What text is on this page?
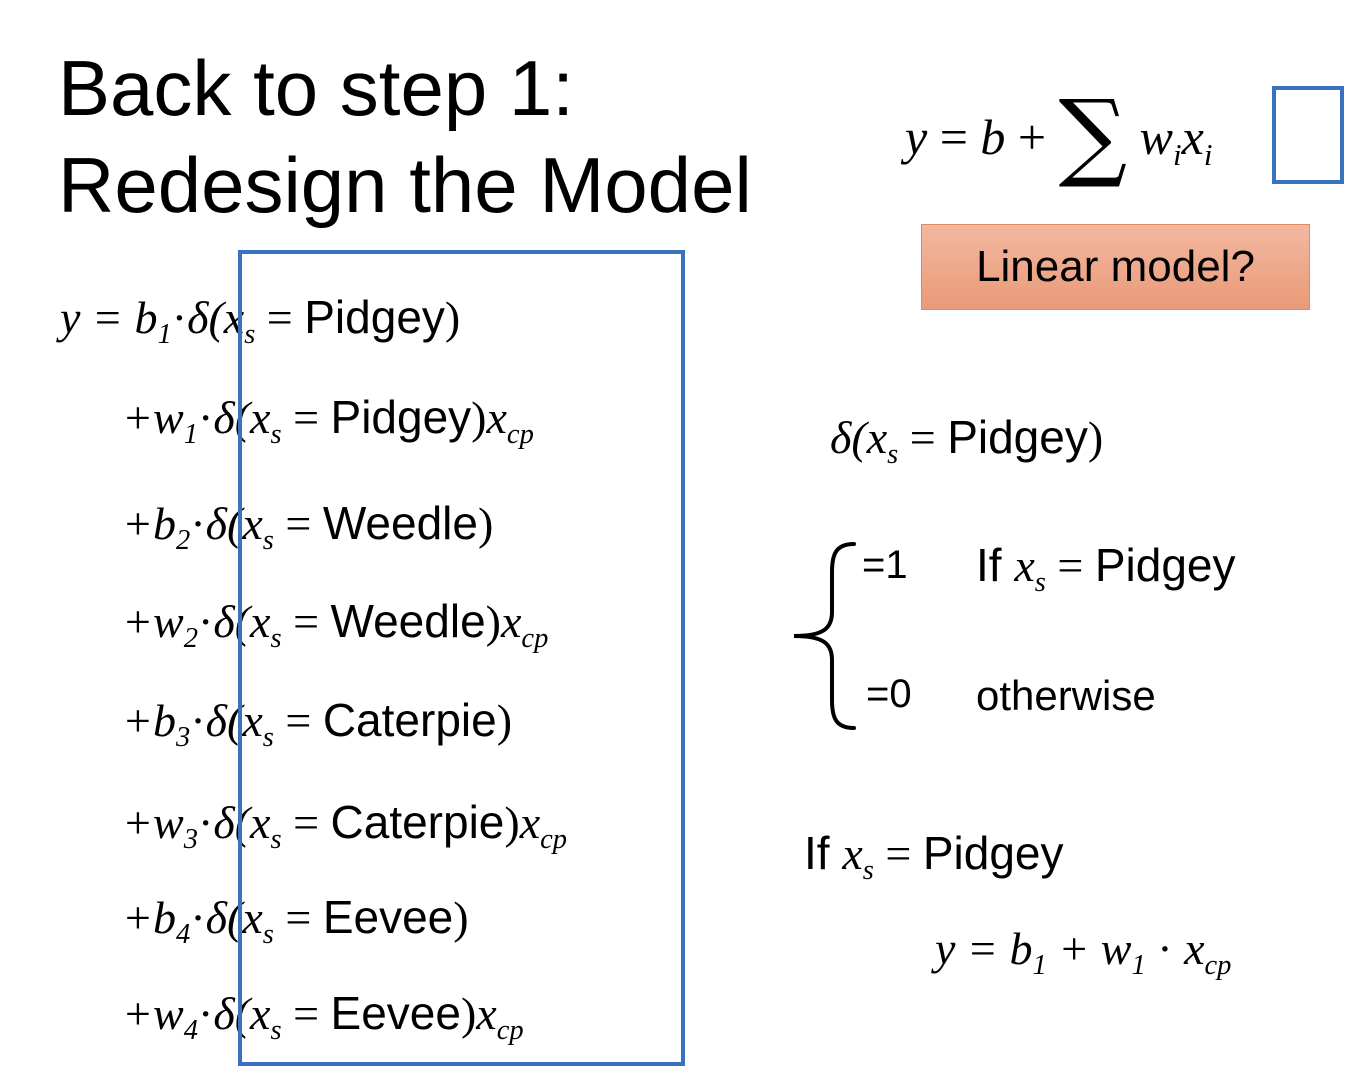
Back to step 1:
Redesign the Model
y = b + ∑ $w_ix_i$
Linear model?
$y = b_1\cdot\delta(x_s$ = Pidgey)
$+w_1\cdot\delta(x_s$ = $Pidgey)x_{cp}$
$+b_2\cdot\delta(x_s$ = Weedle)
$+w_2\cdot\delta(x_s$ = $Weedle)x_{cp}$
$+b_3\cdot\delta(x_s$ = Caterpie)
$+w_3\cdot\delta(x_s$ = $Caterpie)x_{cp}$
$+b_4\cdot\delta(x_s$ = Eevee)
$+w_4\cdot\delta(x_s$ = $Eevee)x_{cp}$
$\delta(x_s$ = Pidgey)
=1 If $x_s$ = Pidgey
=0 otherwise
If $x_s$ = Pidgey
$y = b_1 + w_1 \cdot x_{cp}$
